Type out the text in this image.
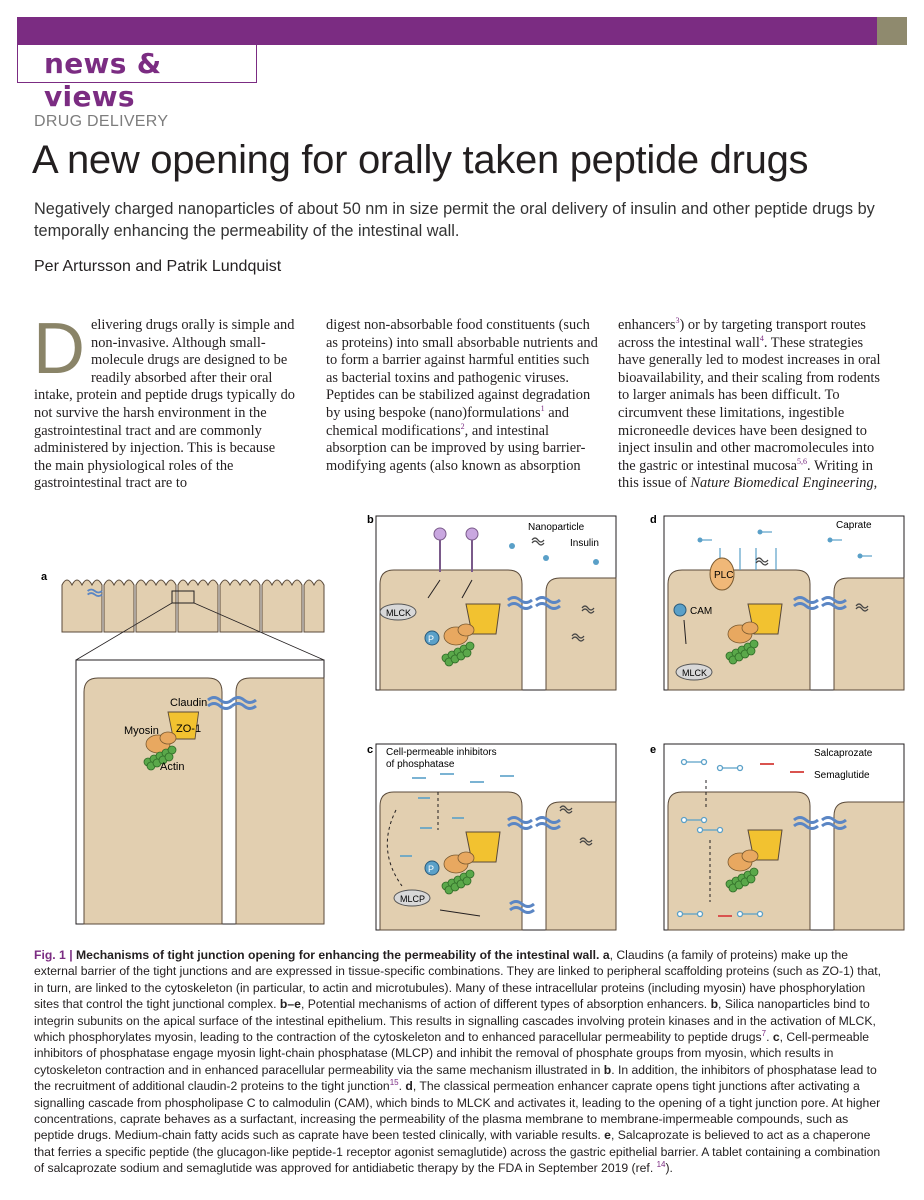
news & views
DRUG DELIVERY
A new opening for orally taken peptide drugs
Negatively charged nanoparticles of about 50 nm in size permit the oral delivery of insulin and other peptide drugs by temporally enhancing the permeability of the intestinal wall.
Per Artursson and Patrik Lundquist

Delivering drugs orally is simple and non-invasive. Although small-molecule drugs are designed to be readily absorbed after their oral intake, protein and peptide drugs typically do not survive the harsh environment in the gastrointestinal tract and are commonly administered by injection. This is because the main physiological roles of the gastrointestinal tract are to

digest non-absorbable food constituents (such as proteins) into small absorbable nutrients and to form a barrier against harmful entities such as bacterial toxins and pathogenic viruses. Peptides can be stabilized against degradation by using bespoke (nano)formulations$^1$ and chemical modifications$^2$, and intestinal absorption can be improved by using barrier-modifying agents (also known as absorption

enhancers$^3$) or by targeting transport routes across the intestinal wall$^4$. These strategies have generally led to modest increases in oral bioavailability, and their scaling from rodents to larger animals has been difficult. To circumvent these limitations, ingestible microneedle devices have been designed to inject insulin and other macromolecules into the gastric or intestinal mucosa$^{5,6}$. Writing in this issue of Nature Biomedical Engineering,

a
b
c
d
e
Claudin
ZO-1
Myosin
Actin
MLCK
P
Nanoparticle
Insulin
Cell-permeable inhibitors
of phosphatase
P
MLCP
PLC
CAM
MLCK
Caprate
Salcaprozate
Semaglutide
Fig. 1 | Mechanisms of tight junction opening for enhancing the permeability of the intestinal wall. a, Claudins (a family of proteins) make up the external barrier of the tight junctions and are expressed in tissue-specific combinations. They are linked to peripheral scaffolding proteins (such as ZO-1) that, in turn, are linked to the cytoskeleton (in particular, to actin and microtubules). Many of these intracellular proteins (including myosin) have phosphorylation sites that control the tight junctional complex. b–e, Potential mechanisms of action of different types of absorption enhancers. b, Silica nanoparticles bind to integrin subunits on the apical surface of the intestinal epithelium. This results in signalling cascades involving protein kinases and in the activation of MLCK, which phosphorylates myosin, leading to the contraction of the cytoskeleton and to enhanced paracellular permeability to peptide drugs$^7$. c, Cell-permeable inhibitors of phosphatase engage myosin light-chain phosphatase (MLCP) and inhibit the removal of phosphate groups from myosin, which results in cytoskeleton contraction and in enhanced paracellular permeability via the same mechanism illustrated in b. In addition, the inhibitors of phosphatase lead to the recruitment of additional claudin-2 proteins to the tight junction$^{15}$. d, The classical permeation enhancer caprate opens tight junctions after activating a signalling cascade from phospholipase C to calmodulin (CAM), which binds to MLCK and activates it, leading to the opening of a tight junction pore. At higher concentrations, caprate behaves as a surfactant, increasing the permeability of the plasma membrane to membrane-impermeable compounds, such as peptide drugs. Medium-chain fatty acids such as caprate have been tested clinically, with variable results. e, Salcaprozate is believed to act as a chaperone that ferries a specific peptide (the glucagon-like peptide-1 receptor agonist semaglutide) across the gastric epithelial barrier. A tablet containing a combination of salcaprozate sodium and semaglutide was approved for antidiabetic therapy by the FDA in September 2019 (ref. $^{14}$).
